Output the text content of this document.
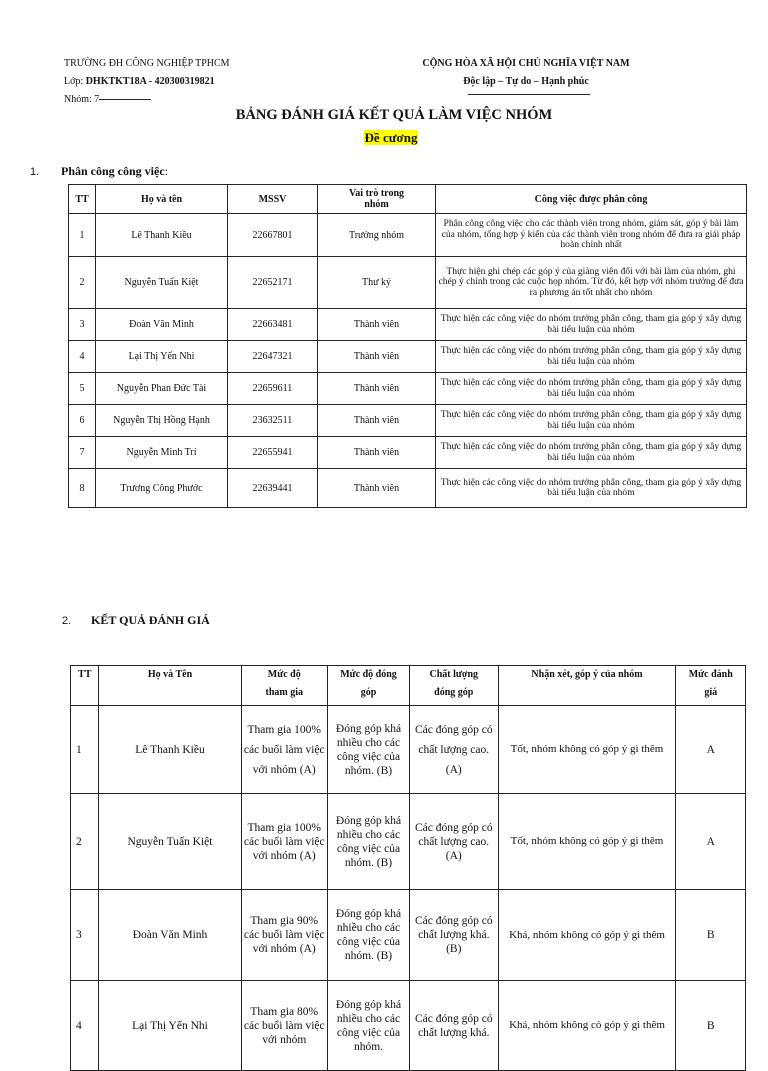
TRƯỜNG ĐH CÔNG NGHIỆP TPHCM
Lớp: DHKTKT18A - 420300319821
Nhóm: 7
CỘNG HÒA XÃ HỘI CHỦ NGHĨA VIỆT NAM
Độc lập – Tự do – Hạnh phúc
BẢNG ĐÁNH GIÁ KẾT QUẢ LÀM VIỆC NHÓM
Đề cương
1. Phân công công việc:
TT	Họ và tên	MSSV	Vai trò trong nhóm	Công việc được phân công
1	Lê Thanh Kiều	22667801	Trưởng nhóm	Phân công công việc cho các thành viên trong nhóm, giám sát, góp ý bài làm của nhóm, tổng hợp ý kiến của các thành viên trong nhóm để đưa ra giải pháp hoàn chỉnh nhất
2	Nguyễn Tuấn Kiệt	22652171	Thư ký	Thực hiện ghi chép các góp ý của giảng viên đối với bài làm của nhóm, ghi chép ý chính trong các cuộc họp nhóm. Từ đó, kết hợp với nhóm trưởng để đưa ra phương án tốt nhất cho nhóm
3	Đoàn Văn Minh	22663481	Thành viên	Thực hiện các công việc do nhóm trưởng phân công, tham gia góp ý xây dựng bài tiểu luận của nhóm
4	Lại Thị Yến Nhi	22647321	Thành viên	Thực hiện các công việc do nhóm trưởng phân công, tham gia góp ý xây dựng bài tiểu luận của nhóm
5	Nguyễn Phan Đức Tài	22659611	Thành viên	Thực hiện các công việc do nhóm trưởng phân công, tham gia góp ý xây dựng bài tiểu luận của nhóm
6	Nguyễn Thị Hồng Hạnh	23632511	Thành viên	Thực hiện các công việc do nhóm trưởng phân công, tham gia góp ý xây dựng bài tiểu luận của nhóm
7	Nguyễn Minh Trí	22655941	Thành viên	Thực hiện các công việc do nhóm trưởng phân công, tham gia góp ý xây dựng bài tiểu luận của nhóm
8	Trương Công Phước	22639441	Thành viên	Thực hiện các công việc do nhóm trưởng phân công, tham gia góp ý xây dựng bài tiểu luận của nhóm
2. KẾT QUẢ ĐÁNH GIÁ
TT	Họ và Tên	Mức độ tham gia	Mức độ đóng góp	Chất lượng đóng góp	Nhận xét, góp ý của nhóm	Mức đánh giá
1	Lê Thanh Kiều	Tham gia 100% các buổi làm việc với nhóm (A)	Đóng góp khá nhiều cho các công việc của nhóm. (B)	Các đóng góp có chất lượng cao. (A)	Tốt, nhóm không có góp ý gì thêm	A
2	Nguyễn Tuấn Kiệt	Tham gia 100% các buổi làm việc với nhóm (A)	Đóng góp khá nhiều cho các công việc của nhóm. (B)	Các đóng góp có chất lượng cao.(A)	Tốt, nhóm không có góp ý gì thêm	A
3	Đoàn Văn Minh	Tham gia 90% các buổi làm việc với nhóm (A)	Đóng góp khá nhiều cho các công việc của nhóm. (B)	Các đóng góp có chất lượng khá. (B)	Khá, nhóm không có góp ý gì thêm	B
4	Lại Thị Yến Nhi	Tham gia 80% các buổi làm việc với nhóm	Đóng góp khá nhiều cho các công việc của nhóm.	Các đóng góp có chất lượng khá.	Khá, nhóm không có góp ý gì thêm	B
